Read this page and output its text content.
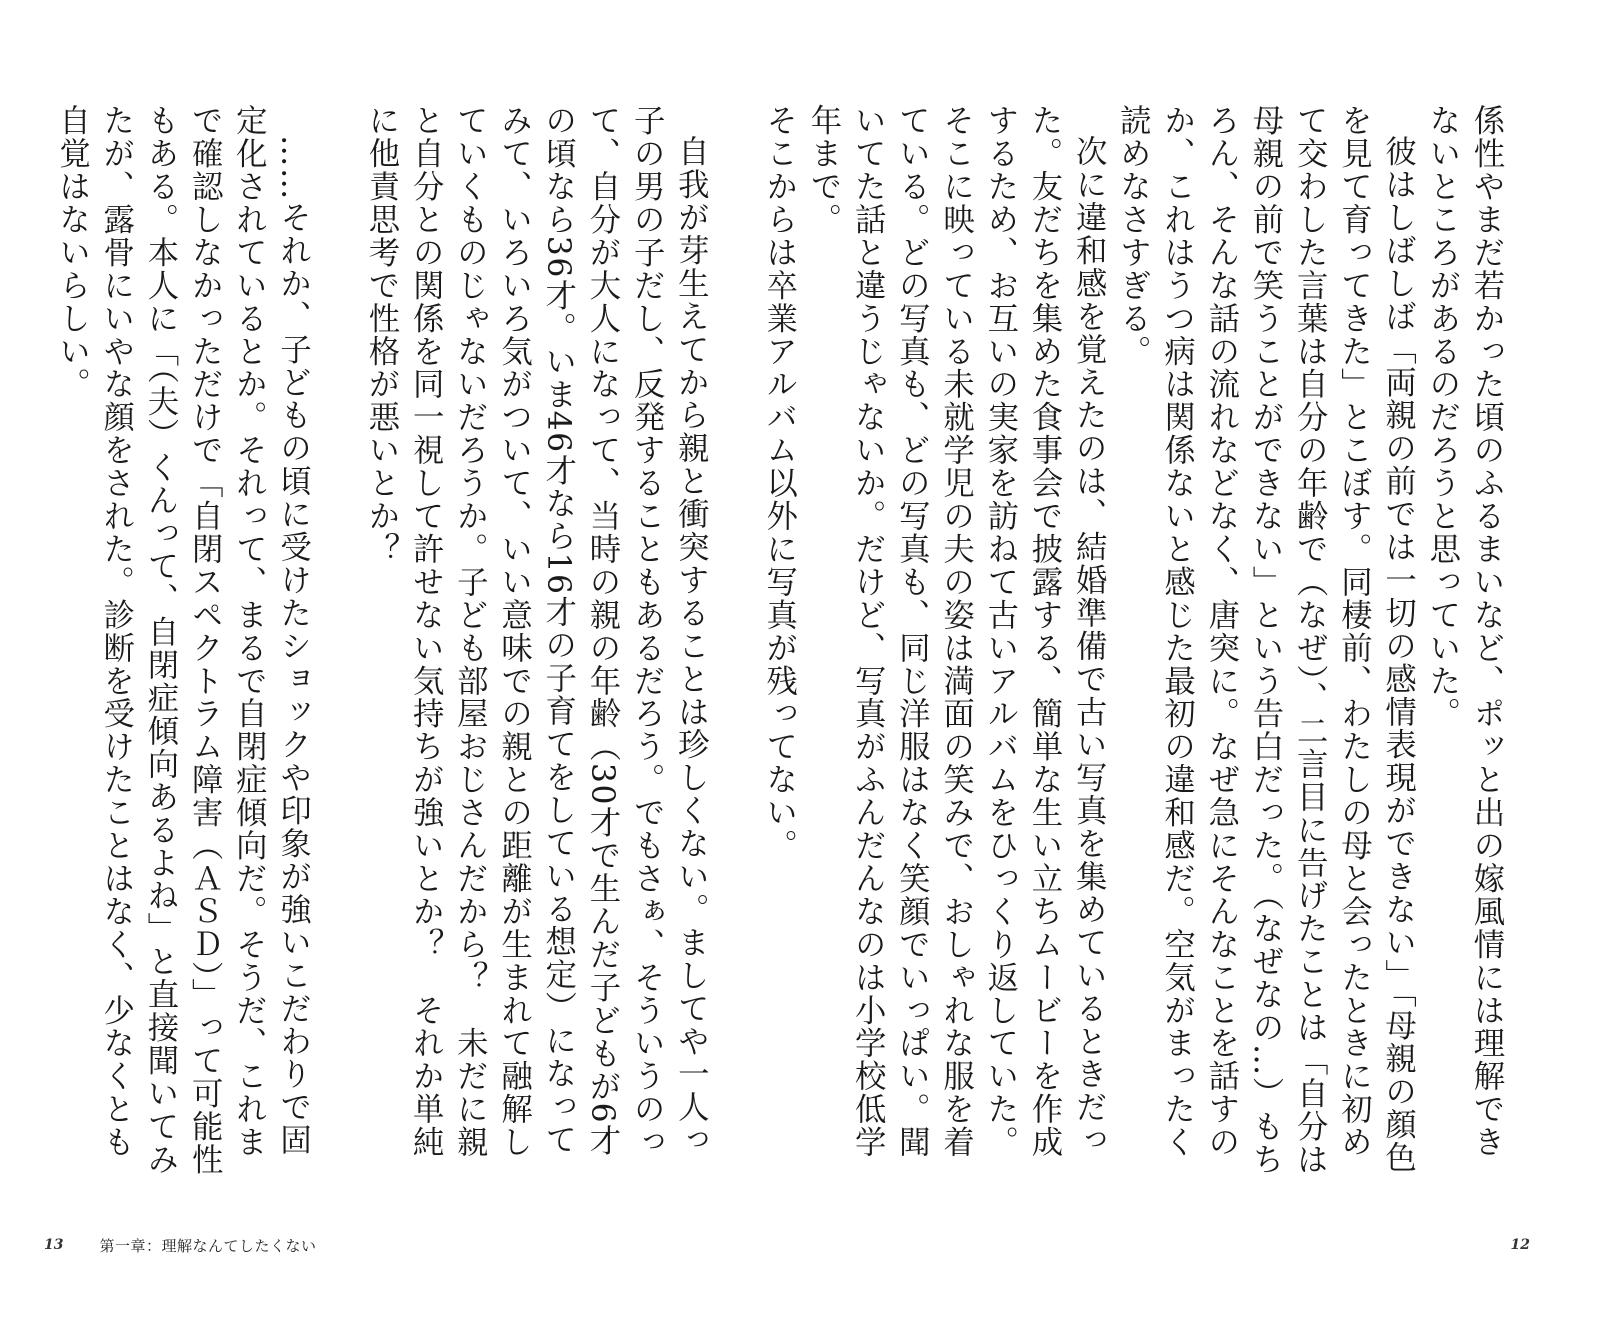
係性やまだ若かった頃のふるまいなど、ポッと出の嫁風情には理解できないところがあるのだろうと思っていた。

彼はしばしば「両親の前では一切の感情表現ができない」「母親の顔色を見て育ってきた」とこぼす。同棲前、わたしの母と会ったときに初めて交わした言葉は自分の年齢で（なぜ）、二言目に告げたことは「自分は母親の前で笑うことができない」という告白だった。（なぜなの…）もちろん、そんな話の流れなどなく、唐突に。なぜ急にそんなことを話すのか、これはうつ病は関係ないと感じた最初の違和感だ。空気がまったく読めなさすぎる。

次に違和感を覚えたのは、結婚準備で古い写真を集めているときだった。友だちを集めた食事会で披露する、簡単な生い立ちムービーを作成するため、お互いの実家を訪ねて古いアルバムをひっくり返していた。そこに映っている未就学児の夫の姿は満面の笑みで、おしゃれな服を着ている。どの写真も、どの写真も、同じ洋服はなく笑顔でいっぱい。聞いてた話と違うじゃないか。だけど、写真がふんだんなのは小学校低学年まで。

そこからは卒業アルバム以外に写真が残ってない。

自我が芽生えてから親と衝突することは珍しくない。ましてや一人っ子の男の子だし、反発することもあるだろう。でもさぁ、そういうのって、自分が大人になって、当時の親の年齢（30才で生んだ子どもが6才の頃なら36才。いま46才なら16才の子育てをしている想定）になってみて、いろいろ気がついて、いい意味での親との距離が生まれて融解していくものじゃないだろうか。子ども部屋おじさんだから？　未だに親と自分との関係を同一視して許せない気持ちが強いとか？　それか単純に他責思考で性格が悪いとか？

……それか、子どもの頃に受けたショックや印象が強いこだわりで固定化されているとか。それって、まるで自閉症傾向だ。そうだ、これまで確認しなかっただけで「自閉スペクトラム障害（ＡＳＤ）」って可能性もある。本人に「（夫）くんって、自閉症傾向あるよね」と直接聞いてみたが、露骨にいやな顔をされた。診断を受けたことはなく、少なくとも自覚はないらしい。

13 第一章：理解なんてしたくない	12
